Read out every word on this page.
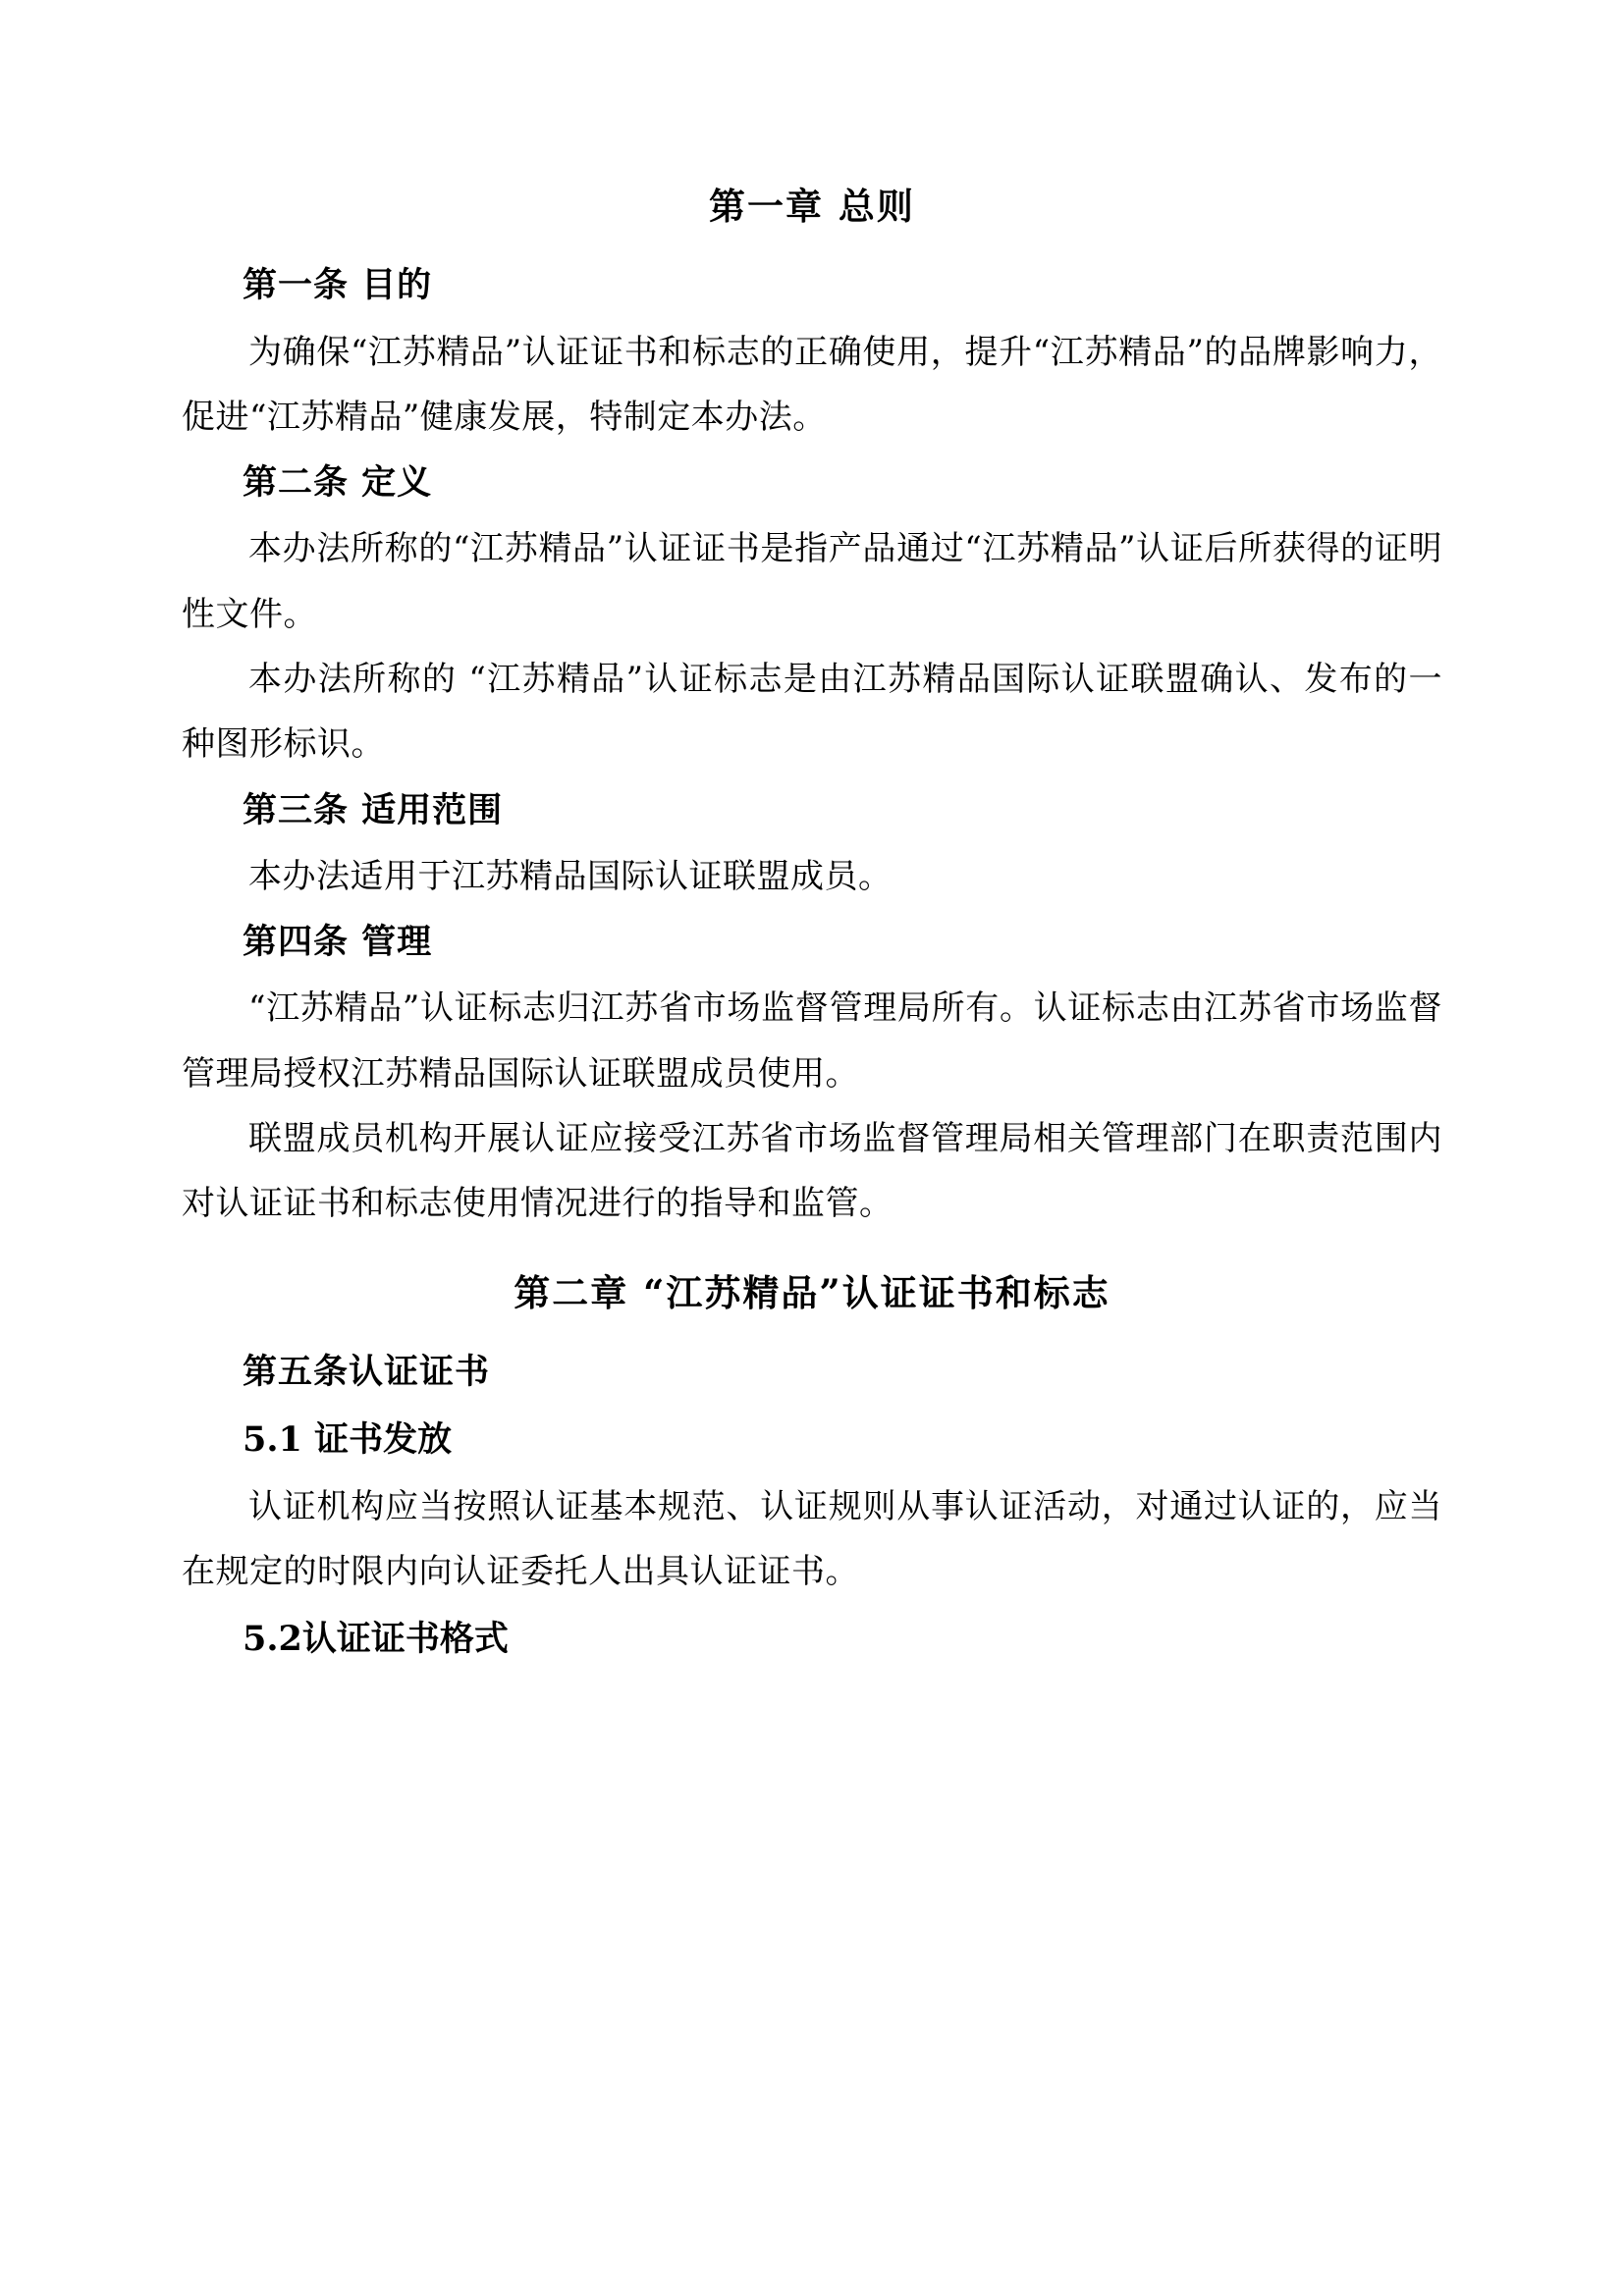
第一章 总则
第一条 目的

为确保“江苏精品”认证证书和标志的正确使用，提升“江苏精品”的品牌影响力，促进“江苏精品”健康发展，特制定本办法。

第二条 定义

本办法所称的“江苏精品”认证证书是指产品通过“江苏精品”认证后所获得的证明性文件。

本办法所称的 “江苏精品”认证标志是由江苏精品国际认证联盟确认、发布的一种图形标识。

第三条 适用范围

本办法适用于江苏精品国际认证联盟成员。

第四条 管理

“江苏精品”认证标志归江苏省市场监督管理局所有。认证标志由江苏省市场监督管理局授权江苏精品国际认证联盟成员使用。

联盟成员机构开展认证应接受江苏省市场监督管理局相关管理部门在职责范围内对认证证书和标志使用情况进行的指导和监管。

第二章 “江苏精品”认证证书和标志
第五条认证证书
5.1 证书发放

认证机构应当按照认证基本规范、认证规则从事认证活动，对通过认证的，应当在规定的时限内向认证委托人出具认证证书。

5.2认证证书格式
